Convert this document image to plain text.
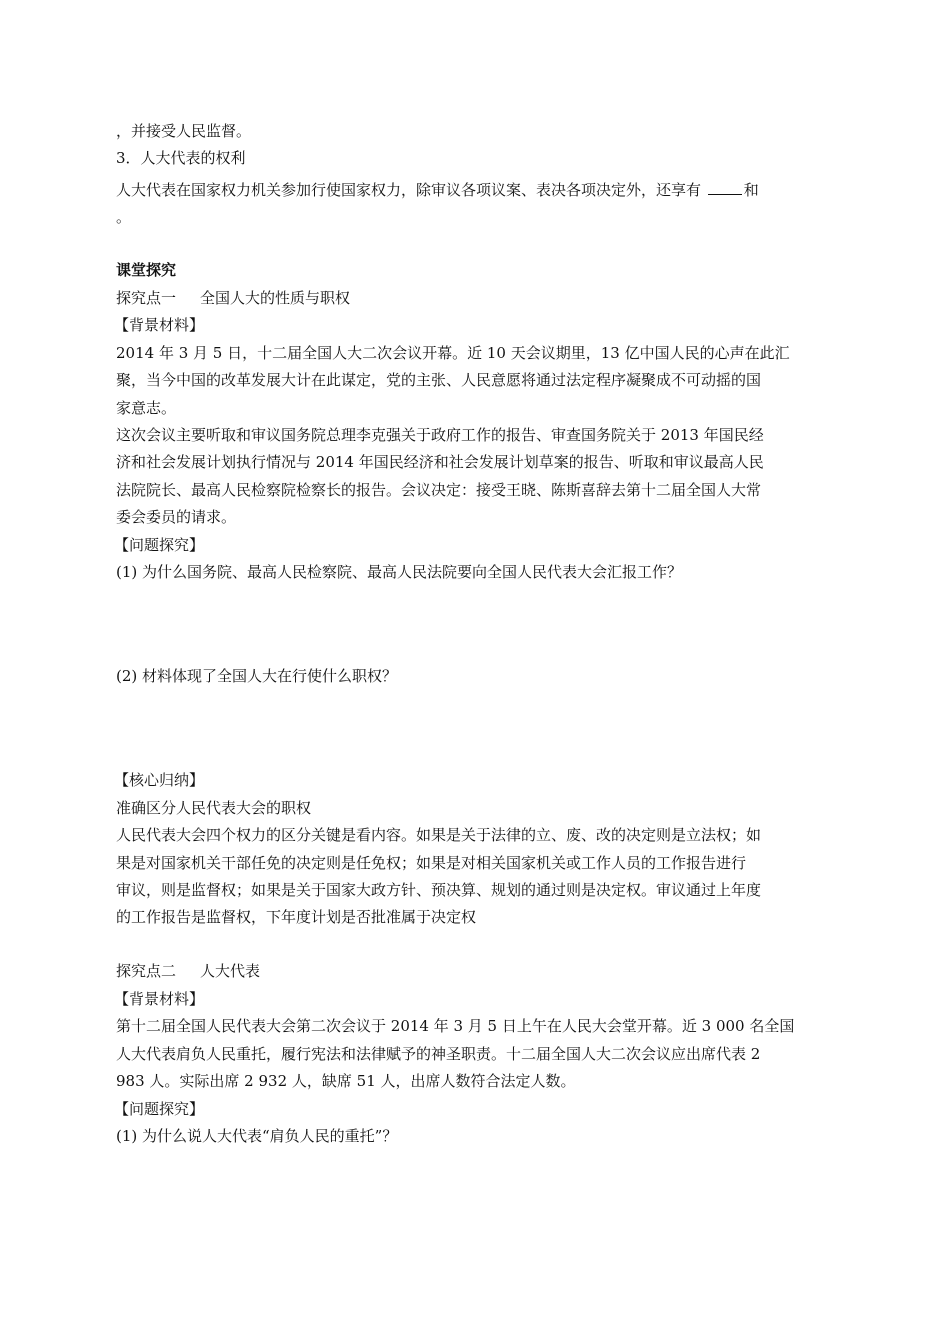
，并接受人民监督。
3．人大代表的权利
人大代表在国家权力机关参加行使国家权力，除审议各项议案、表决各项决定外，还享有	和
。
课堂探究
探究点一 全国人大的性质与职权
【背景材料】
2014 年 3 月 5 日，十二届全国人大二次会议开幕。近 10 天会议期里，13 亿中国人民的心声在此汇
聚，当今中国的改革发展大计在此谋定，党的主张、人民意愿将通过法定程序凝聚成不可动摇的国
家意志。
这次会议主要听取和审议国务院总理李克强关于政府工作的报告、审查国务院关于 2013 年国民经
济和社会发展计划执行情况与 2014 年国民经济和社会发展计划草案的报告、听取和审议最高人民
法院院长、最高人民检察院检察长的报告。会议决定：接受王晓、陈斯喜辞去第十二届全国人大常
委会委员的请求。
【问题探究】
(1) 为什么国务院、最高人民检察院、最高人民法院要向全国人民代表大会汇报工作？
(2) 材料体现了全国人大在行使什么职权？
【核心归纳】
准确区分人民代表大会的职权
人民代表大会四个权力的区分关键是看内容。如果是关于法律的立、废、改的决定则是立法权；如
果是对国家机关干部任免的决定则是任免权；如果是对相关国家机关或工作人员的工作报告进行
审议，则是监督权；如果是关于国家大政方针、预决算、规划的通过则是决定权。审议通过上年度
的工作报告是监督权，下年度计划是否批准属于决定权
探究点二 人大代表
【背景材料】
第十二届全国人民代表大会第二次会议于 2014 年 3 月 5 日上午在人民大会堂开幕。近 3 000 名全国
人大代表肩负人民重托，履行宪法和法律赋予的神圣职责。十二届全国人大二次会议应出席代表 2
983 人。实际出席 2 932 人，缺席 51 人，出席人数符合法定人数。
【问题探究】
(1) 为什么说人大代表“肩负人民的重托”？
